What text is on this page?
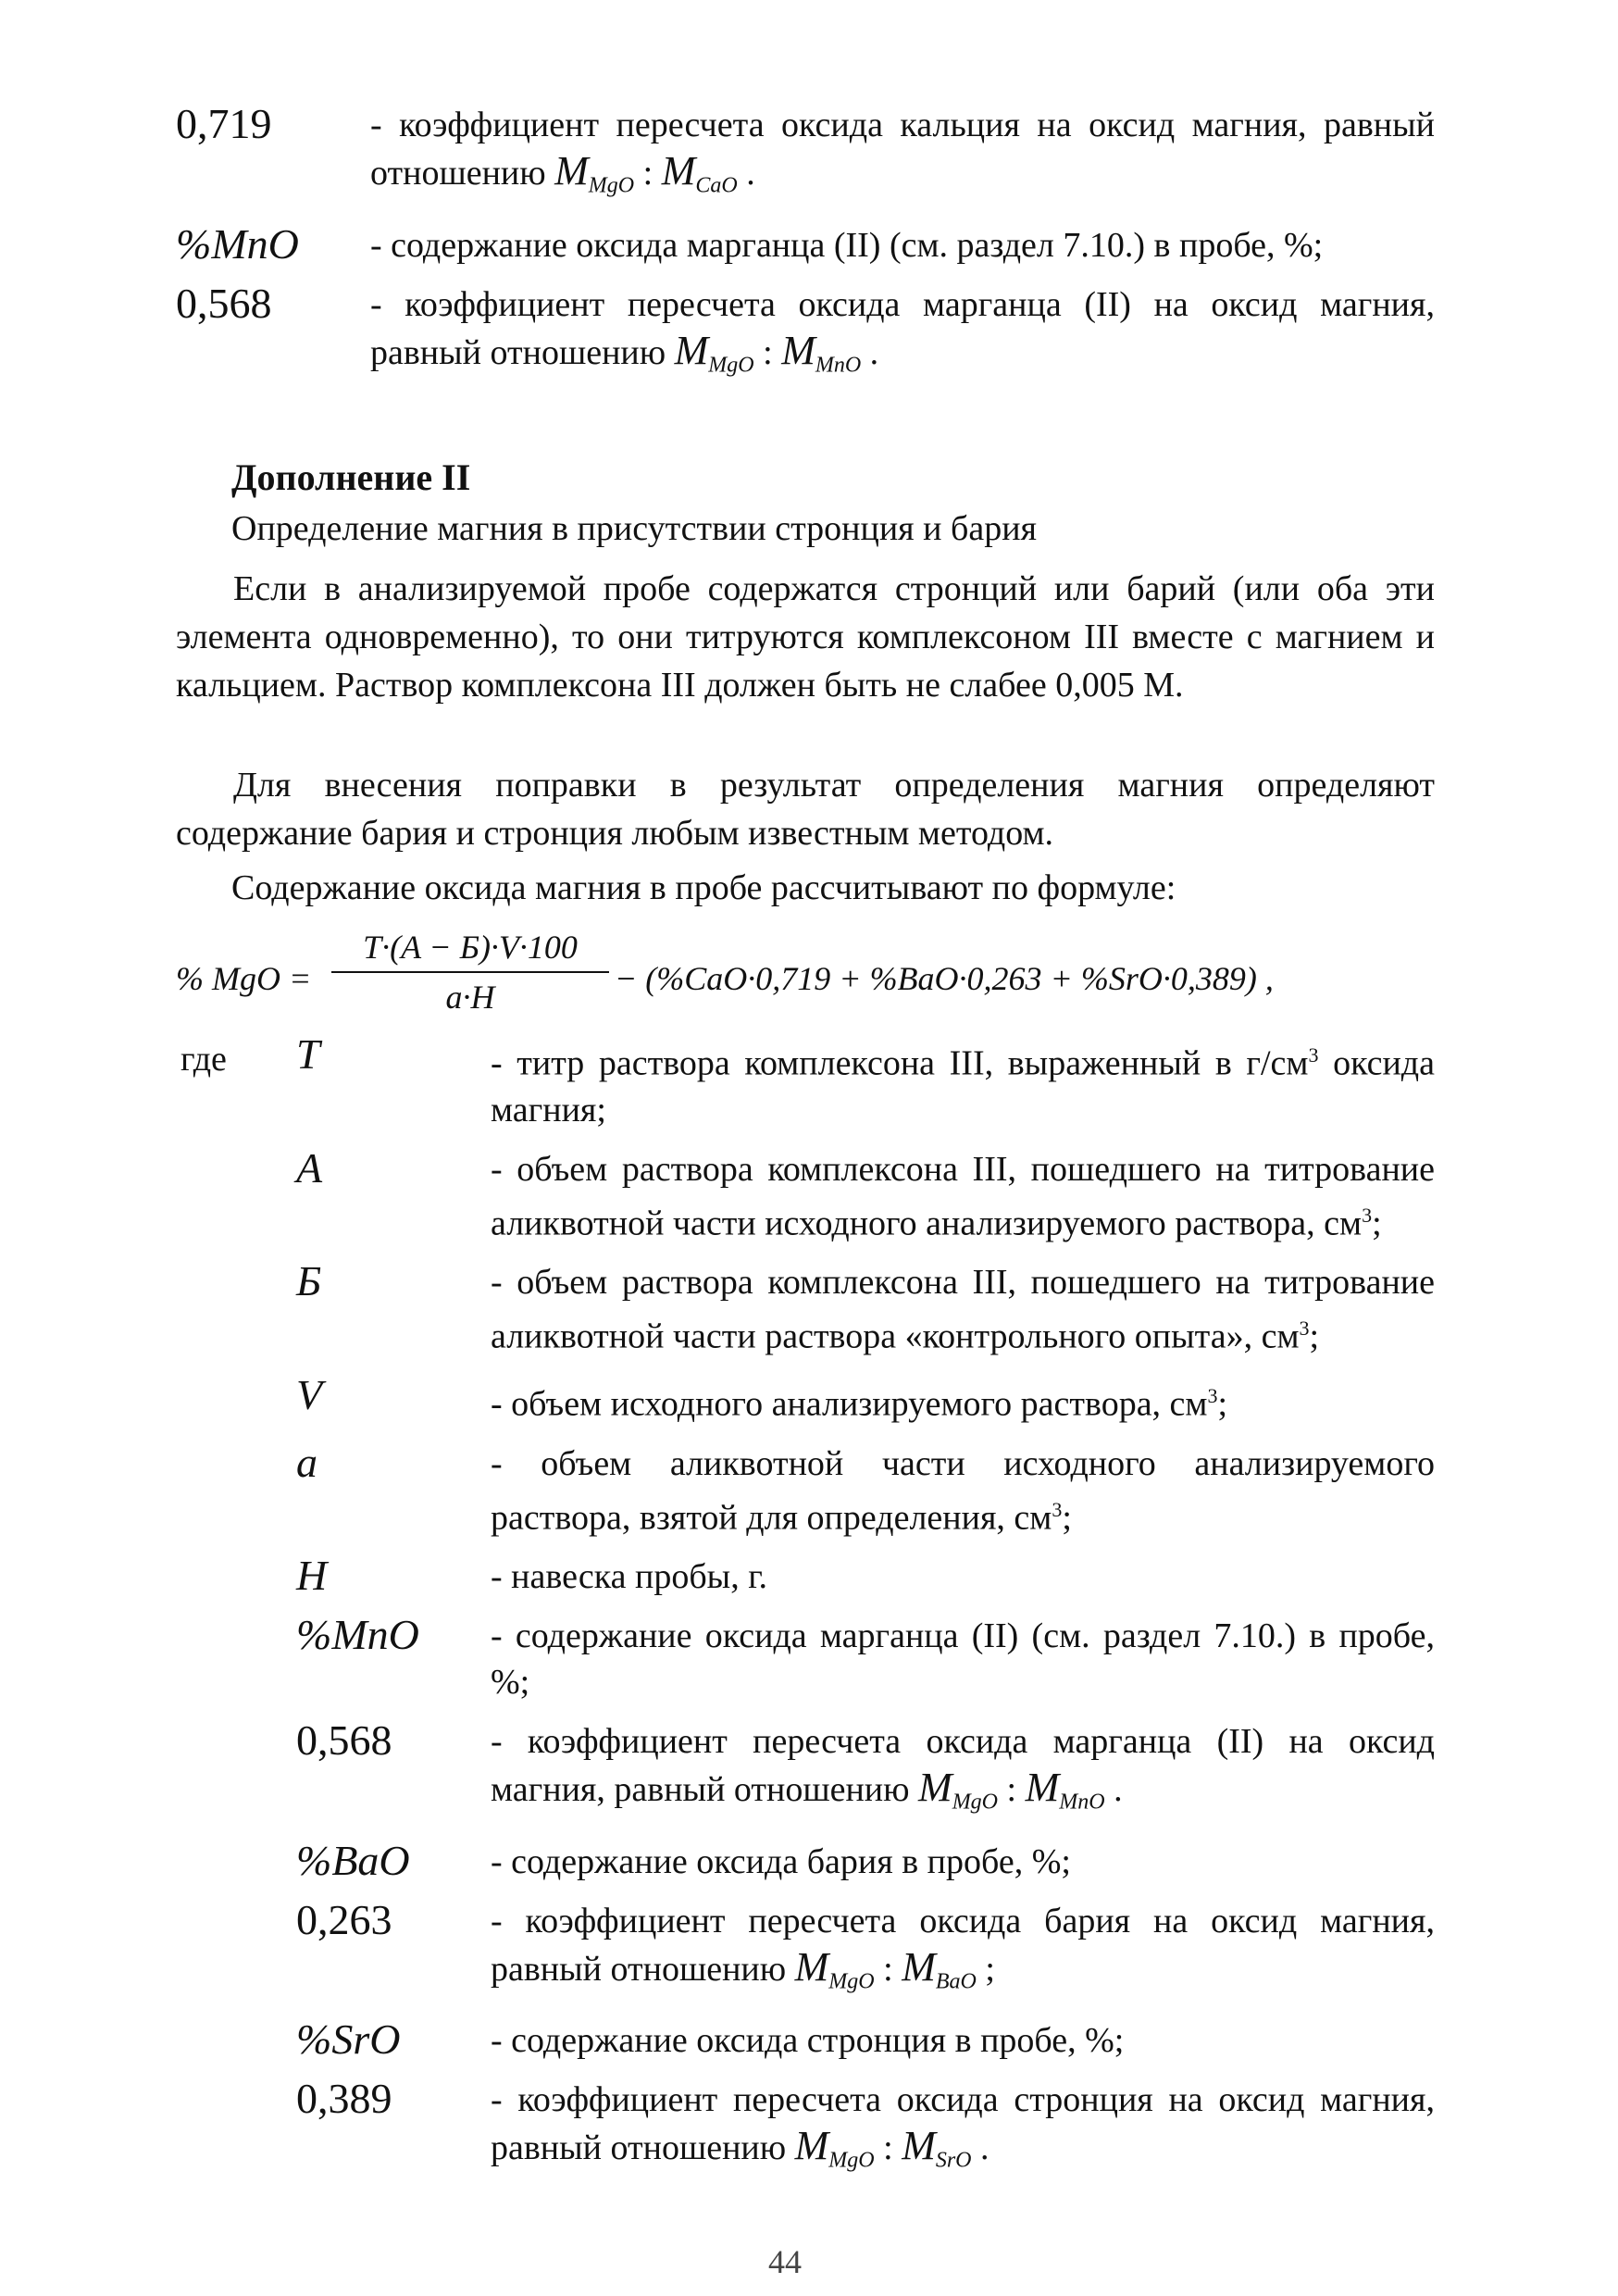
0,719	- коэффициент пересчета оксида кальция на оксид магния, равный отношению $M_{MgO}$ : $M_{CaO}$ .
%MnO	- содержание оксида марганца (II) (см. раздел 7.10.) в пробе, %;
0,568	- коэффициент пересчета оксида марганца (II) на оксид магния, равный отношению $M_{MgO}$ : $M_{MnO}$ .
Дополнение II
Определение магния в присутствии стронция и бария
Если в анализируемой пробе содержатся стронций или барий (или оба эти элемента одновременно), то они титруются комплексоном III вместе с магнием и кальцием. Раствор комплексона III должен быть не слабее 0,005 М.
Для внесения поправки в результат определения магния определяют содержание бария и стронция любым известным методом.
Содержание оксида магния в пробе рассчитывают по формуле:
% MgO =
T·(A − Б)·V·100
a·H	− (%CaO·0,719 + %BaO·0,263 + %SrO·0,389) ,
где T	- титр раствора комплексона III, выраженный в $г/см^3$ оксида магния;
A	- объем раствора комплексона III, пошедшего на титрование аликвотной части исходного анализируемого раствора, $см^3$;
Б	- объем раствора комплексона III, пошедшего на титрование аликвотной части раствора «контрольного опыта», $см^3$;
V	- объем исходного анализируемого раствора, $см^3$;
a	- объем аликвотной части исходного анализируемого раствора, взятой для определения, $см^3$;
H	- навеска пробы, г.
%MnO	- содержание оксида марганца (II) (см. раздел 7.10.) в пробе, %;
0,568	- коэффициент пересчета оксида марганца (II) на оксид магния, равный отношению $M_{MgO}$ : $M_{MnO}$ .
%BaO	- содержание оксида бария в пробе, %;
0,263	- коэффициент пересчета оксида бария на оксид магния, равный отношению $M_{MgO}$ : $M_{BaO}$ ;
%SrO	- содержание оксида стронция в пробе, %;
0,389	- коэффициент пересчета оксида стронция на оксид магния, равный отношению $M_{MgO}$ : $M_{SrO}$ .
44
